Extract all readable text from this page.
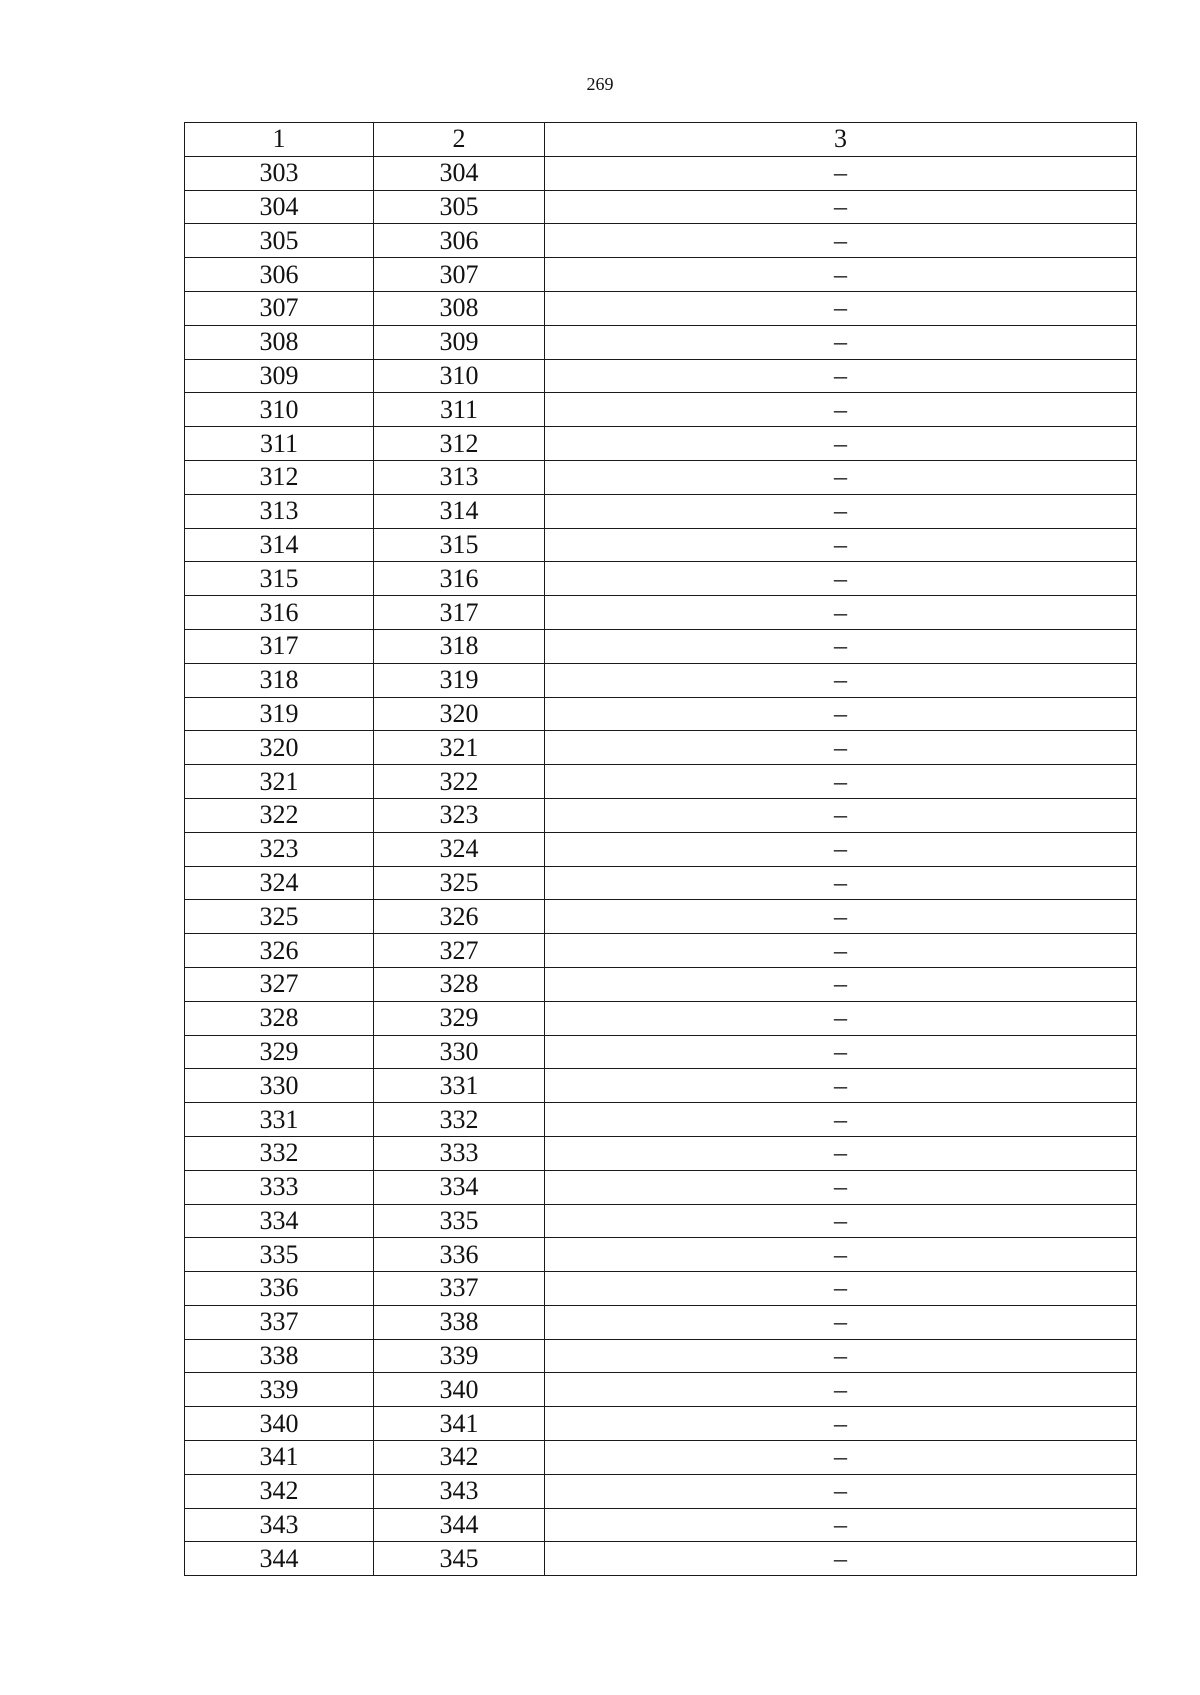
269
1	2	3
303	304	–
304	305	–
305	306	–
306	307	–
307	308	–
308	309	–
309	310	–
310	311	–
311	312	–
312	313	–
313	314	–
314	315	–
315	316	–
316	317	–
317	318	–
318	319	–
319	320	–
320	321	–
321	322	–
322	323	–
323	324	–
324	325	–
325	326	–
326	327	–
327	328	–
328	329	–
329	330	–
330	331	–
331	332	–
332	333	–
333	334	–
334	335	–
335	336	–
336	337	–
337	338	–
338	339	–
339	340	–
340	341	–
341	342	–
342	343	–
343	344	–
344	345	–
